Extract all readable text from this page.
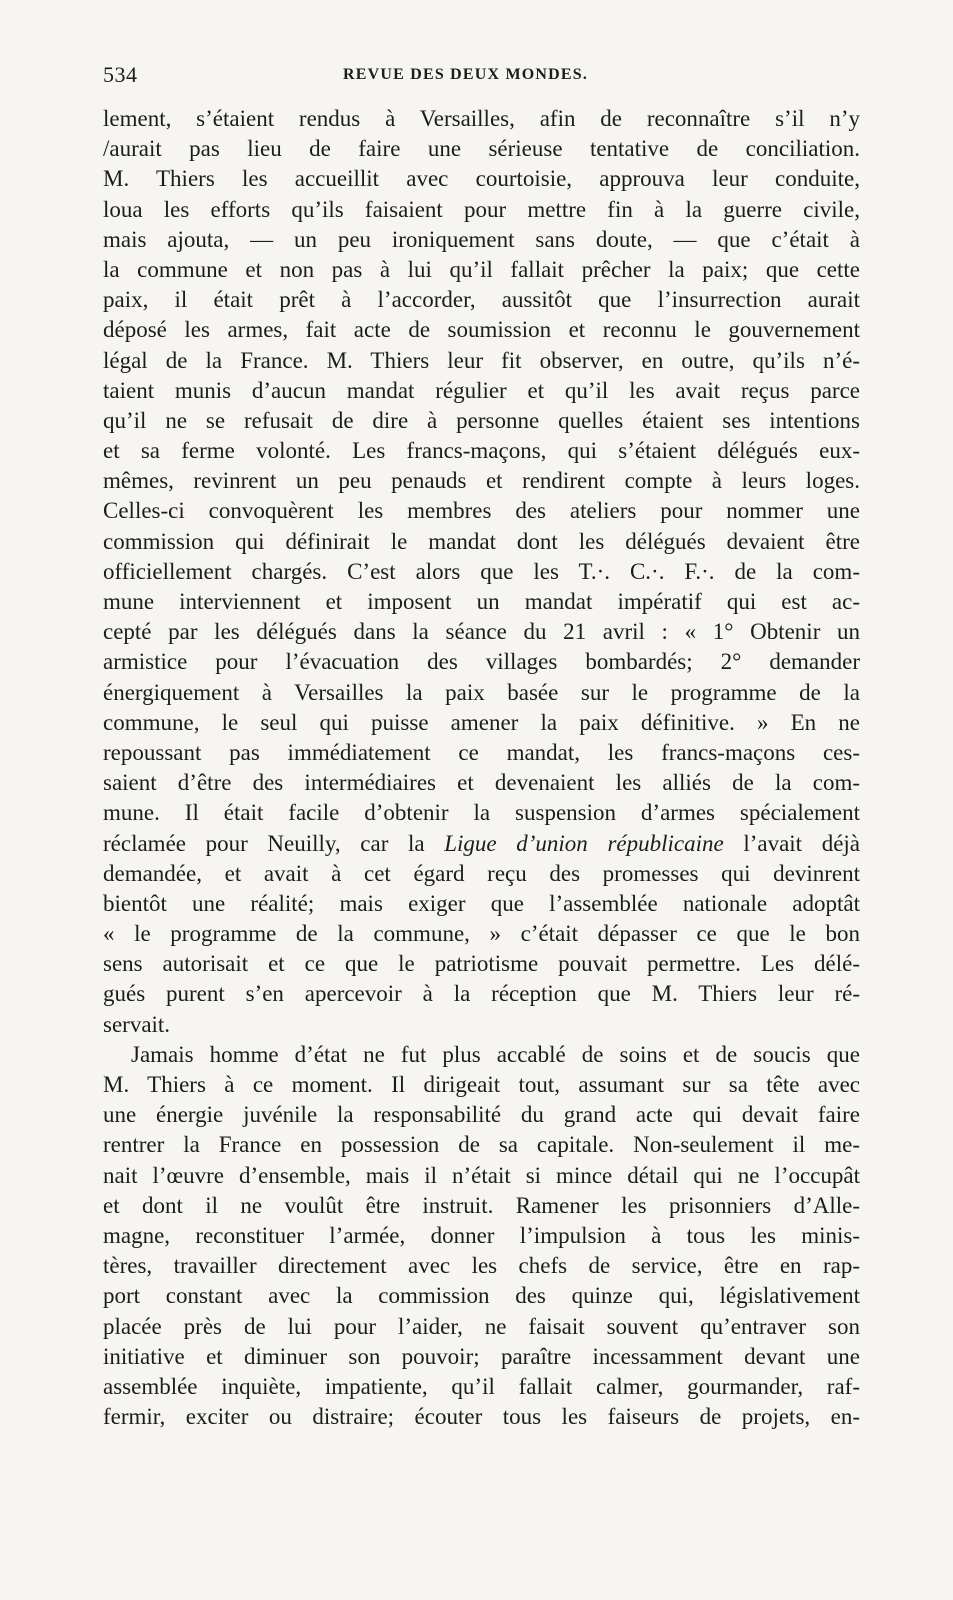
534	REVUE DES DEUX MONDES.
lement, s’étaient rendus à Versailles, afin de reconnaître s’il n’y
/aurait pas lieu de faire une sérieuse tentative de conciliation.
M. Thiers les accueillit avec courtoisie, approuva leur conduite,
loua les efforts qu’ils faisaient pour mettre fin à la guerre civile,
mais ajouta, — un peu ironiquement sans doute, — que c’était à
la commune et non pas à lui qu’il fallait prêcher la paix; que cette
paix, il était prêt à l’accorder, aussitôt que l’insurrection aurait
déposé les armes, fait acte de soumission et reconnu le gouvernement
légal de la France. M. Thiers leur fit observer, en outre, qu’ils n’é-
taient munis d’aucun mandat régulier et qu’il les avait reçus parce
qu’il ne se refusait de dire à personne quelles étaient ses intentions
et sa ferme volonté. Les francs-maçons, qui s’étaient délégués eux-
mêmes, revinrent un peu penauds et rendirent compte à leurs loges.
Celles-ci convoquèrent les membres des ateliers pour nommer une
commission qui définirait le mandat dont les délégués devaient être
officiellement chargés. C’est alors que les T.·. C.·. F.·. de la com-
mune interviennent et imposent un mandat impératif qui est ac-
cepté par les délégués dans la séance du 21 avril : « 1° Obtenir un
armistice pour l’évacuation des villages bombardés; 2° demander
énergiquement à Versailles la paix basée sur le programme de la
commune, le seul qui puisse amener la paix définitive. » En ne
repoussant pas immédiatement ce mandat, les francs-maçons ces-
saient d’être des intermédiaires et devenaient les alliés de la com-
mune. Il était facile d’obtenir la suspension d’armes spécialement
réclamée pour Neuilly, car la Ligue d’union républicaine l’avait déjà
demandée, et avait à cet égard reçu des promesses qui devinrent
bientôt une réalité; mais exiger que l’assemblée nationale adoptât
« le programme de la commune, » c’était dépasser ce que le bon
sens autorisait et ce que le patriotisme pouvait permettre. Les délé-
gués purent s’en apercevoir à la réception que M. Thiers leur ré-
servait.
Jamais homme d’état ne fut plus accablé de soins et de soucis que
M. Thiers à ce moment. Il dirigeait tout, assumant sur sa tête avec
une énergie juvénile la responsabilité du grand acte qui devait faire
rentrer la France en possession de sa capitale. Non-seulement il me-
nait l’œuvre d’ensemble, mais il n’était si mince détail qui ne l’occupât
et dont il ne voulût être instruit. Ramener les prisonniers d’Alle-
magne, reconstituer l’armée, donner l’impulsion à tous les minis-
tères, travailler directement avec les chefs de service, être en rap-
port constant avec la commission des quinze qui, législativement
placée près de lui pour l’aider, ne faisait souvent qu’entraver son
initiative et diminuer son pouvoir; paraître incessamment devant une
assemblée inquiète, impatiente, qu’il fallait calmer, gourmander, raf-
fermir, exciter ou distraire; écouter tous les faiseurs de projets, en-
